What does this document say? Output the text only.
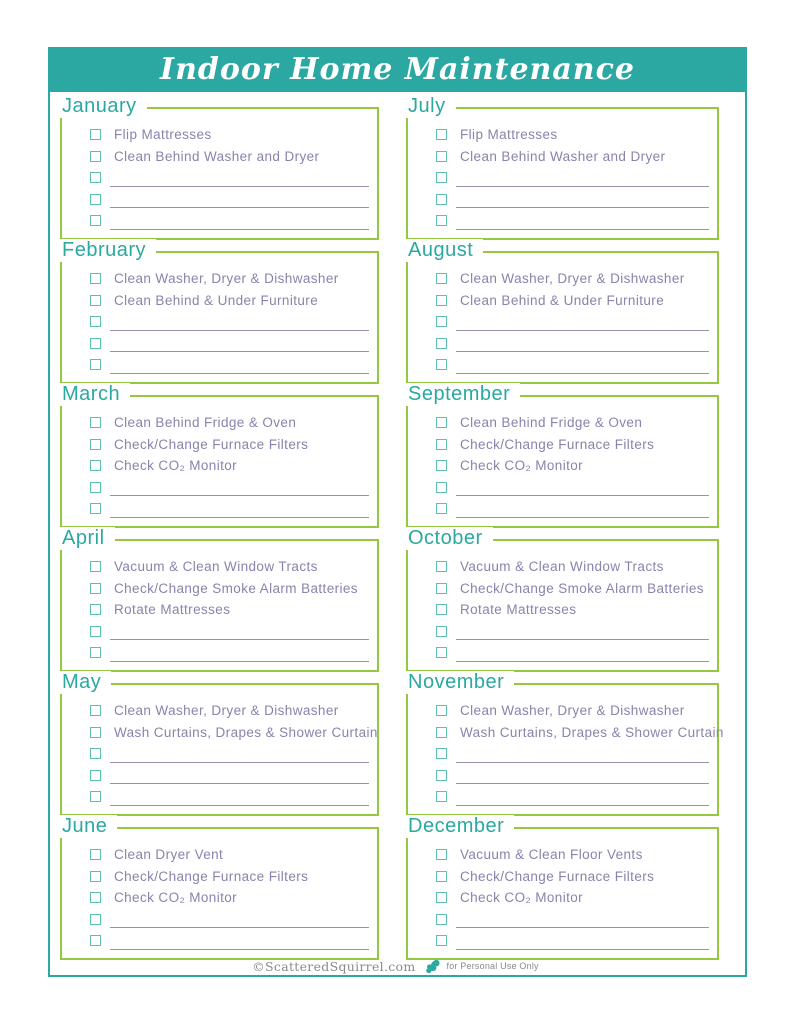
Indoor Home Maintenance
January
Flip Mattresses
Clean Behind Washer and Dryer
February
Clean Washer, Dryer & Dishwasher
Clean Behind & Under Furniture
March
Clean Behind Fridge & Oven
Check/Change Furnace Filters
Check CO₂ Monitor
April
Vacuum & Clean Window Tracts
Check/Change Smoke Alarm Batteries
Rotate Mattresses
May
Clean Washer, Dryer & Dishwasher
Wash Curtains, Drapes & Shower Curtain
June
Clean Dryer Vent
Check/Change Furnace Filters
Check CO₂ Monitor
July
Flip Mattresses
Clean Behind Washer and Dryer
August
Clean Washer, Dryer & Dishwasher
Clean Behind & Under Furniture
September
Clean Behind Fridge & Oven
Check/Change Furnace Filters
Check CO₂ Monitor
October
Vacuum & Clean Window Tracts
Check/Change Smoke Alarm Batteries
Rotate Mattresses
November
Clean Washer, Dryer & Dishwasher
Wash Curtains, Drapes & Shower Curtain
December
Vacuum & Clean Floor Vents
Check/Change Furnace Filters
Check CO₂ Monitor
©ScatteredSquirrel.com	for Personal Use Only
